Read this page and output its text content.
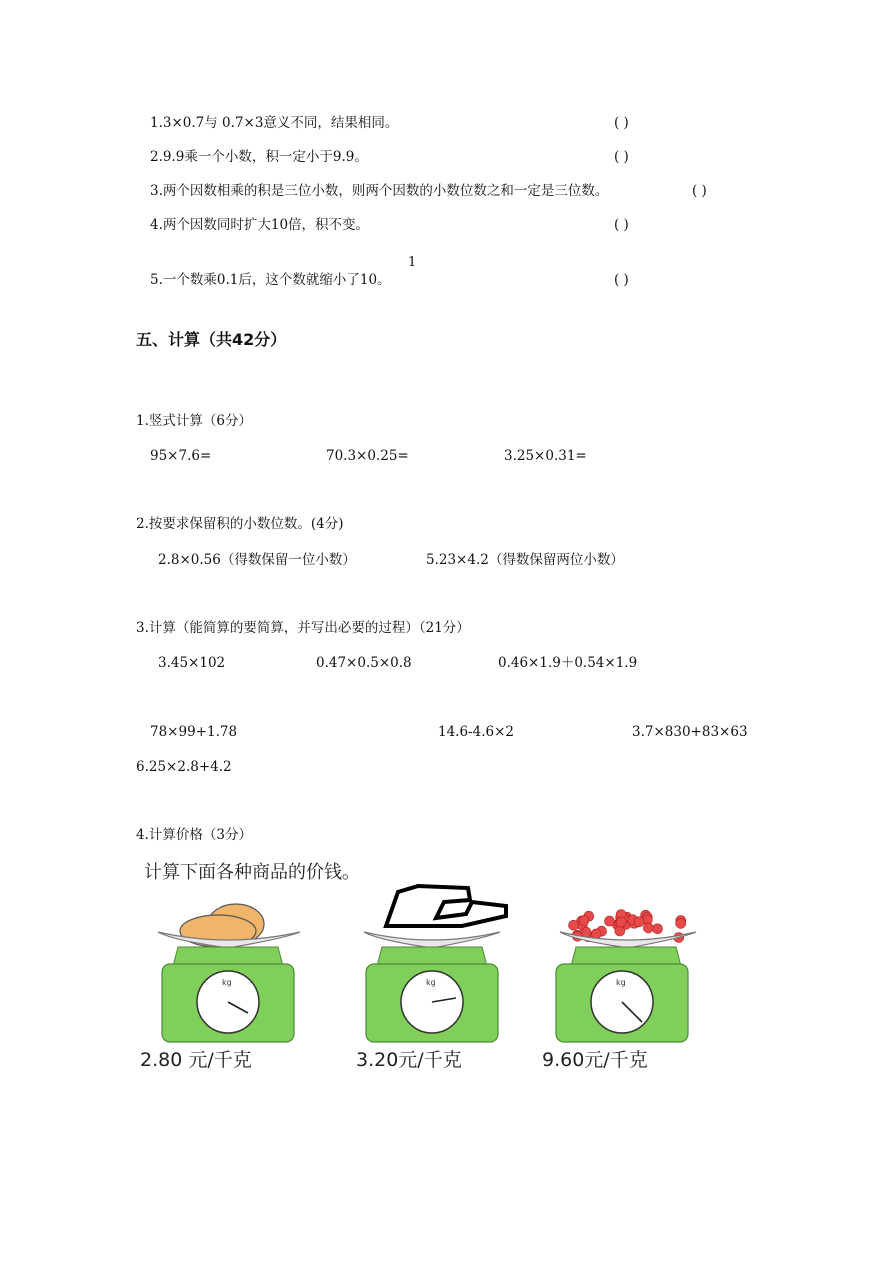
1.3×0.7与 0.7×3意义不同，结果相同。	( )
2.9.9乘一个小数，积一定小于9.9。	( )
3.两个因数相乘的积是三位小数，则两个因数的小数位数之和一定是三位数。	( )
4.两个因数同时扩大10倍，积不变。	( )
1
5.一个数乘0.1后，这个数就缩小了10。	( )
五、计算（共42分）
1.竖式计算（6分）
95×7.6=	70.3×0.25=	3.25×0.31=
2.按要求保留积的小数位数。(4分)
2.8×0.56（得数保留一位小数）	5.23×4.2（得数保留两位小数）
3.计算（能简算的要简算，并写出必要的过程）（21分）
3.45×102	0.47×0.5×0.8	0.46×1.9＋0.54×1.9
78×99+1.78	14.6-4.6×2	3.7×830+83×63
6.25×2.8+4.2
4.计算价格（3分）
计算下面各种商品的价钱。
kg
2.80 元/千克
kg
3.20元/千克
kg
9.60元/千克
